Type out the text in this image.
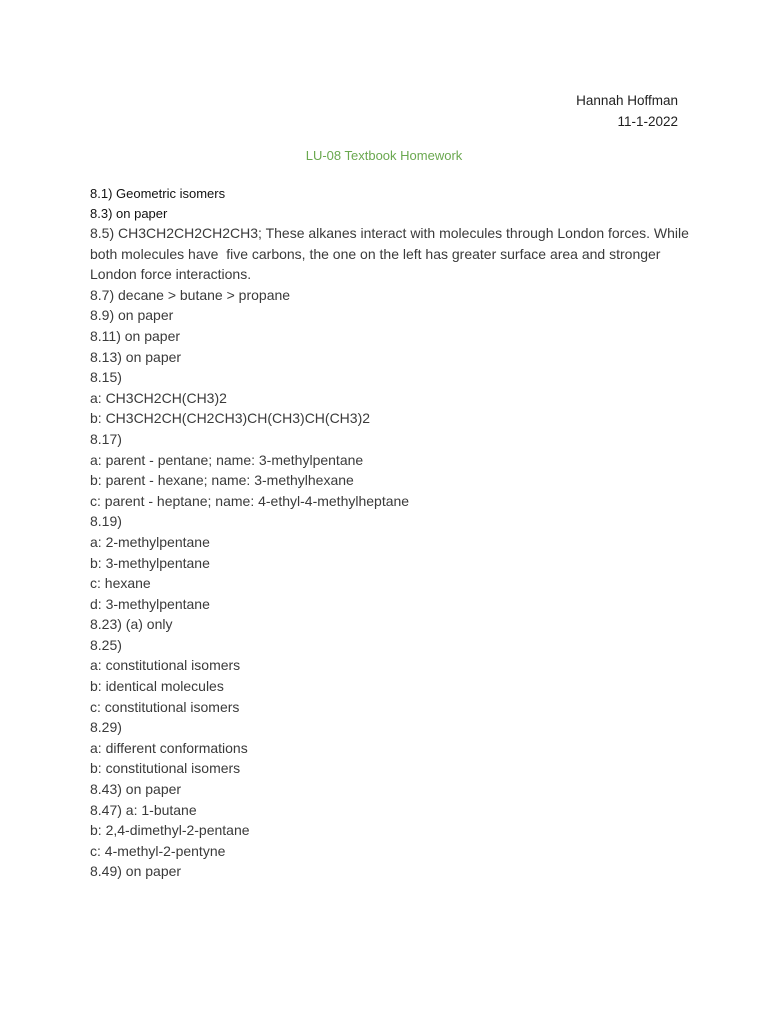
Hannah Hoffman
11-1-2022
LU-08 Textbook Homework
8.1) Geometric isomers
8.3) on paper
8.5) CH3CH2CH2CH2CH3; These alkanes interact with molecules through London forces. While both molecules have  five carbons, the one on the left has greater surface area and stronger London force interactions.
8.7) decane > butane > propane
8.9) on paper
8.11) on paper
8.13) on paper
8.15)
a: CH3CH2CH(CH3)2
b: CH3CH2CH(CH2CH3)CH(CH3)CH(CH3)2
8.17)
a: parent - pentane; name: 3-methylpentane
b: parent - hexane; name: 3-methylhexane
c: parent - heptane; name: 4-ethyl-4-methylheptane
8.19)
a: 2-methylpentane
b: 3-methylpentane
c: hexane
d: 3-methylpentane
8.23) (a) only
8.25)
a: constitutional isomers
b: identical molecules
c: constitutional isomers
8.29)
a: different conformations
b: constitutional isomers
8.43) on paper
8.47) a: 1-butane
b: 2,4-dimethyl-2-pentane
c: 4-methyl-2-pentyne
8.49) on paper
